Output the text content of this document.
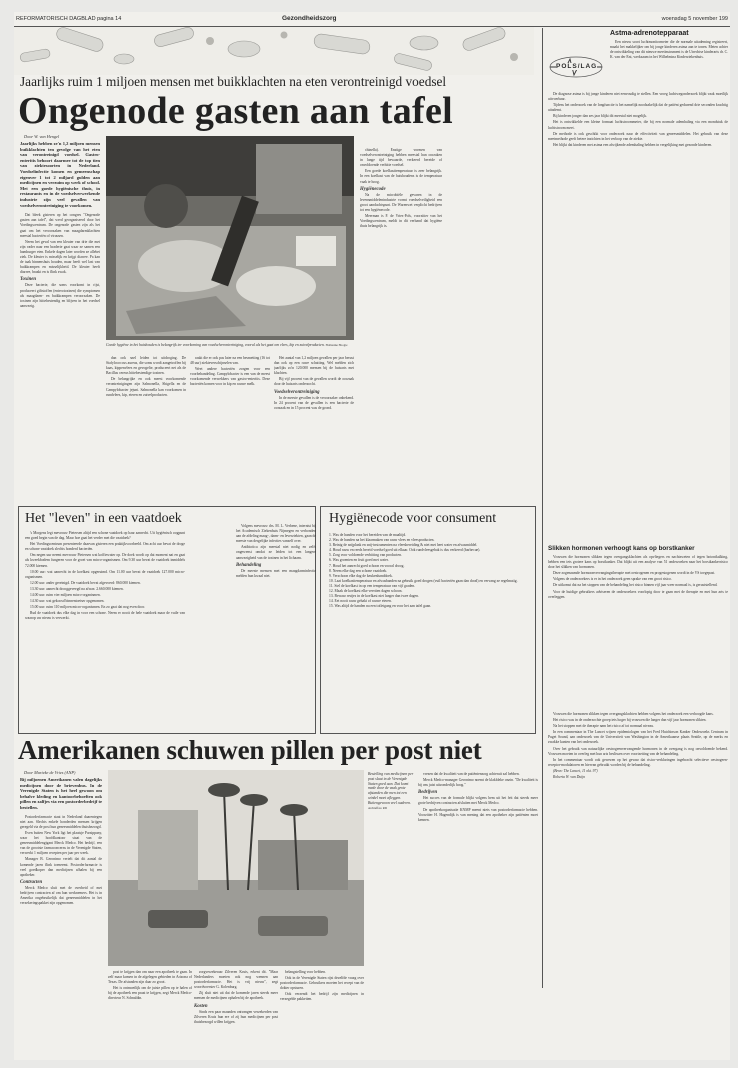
REFORMATORISCH DAGBLAD pagina 14	Gezondheidszorg	woensdag 5 november 199
Jaarlijks ruim 1 miljoen mensen met buikklachten na eten verontreinigd voedsel
Ongenode gasten aan tafel
Door W. van Hengel
Jaarlijks hebben ze'n 1,2 miljoen mensen buikklachten ten gevolge van het eten van verontreinigd voedsel. Gastro-enteritis behoort daarmee tot de top tien van ziektesoorten in Nederland. Voedselinfectie komen en gemeenschap eigenver 1 tot 2 miljard gulden aan medicijnen en verzuim op werk of school. Met een goede hygiënische thuis, in restaurants en in de voedselverwerkende industrie zijn veel gevallen van voedselverontreiniging te voorkomen.

Dat bleek gisteren op het congres "Ongenode gasten aan tafel", dat werd georganiseerd door het Voedingscentrum. De ongenode gasten zijn als het gaat om het veroorzaken van maagdarmklachten meestal bacteriën of virussen.

Neem het geval van een kleuter van drie die met zijn vader naar een braderie gaat waar ze samen een hamburger eten. Enkele dagen later worden ze allebei ziek. De kleuter is misselijk en krijgt diarree. Pa kan de taak binnenshuis houden, maar heeft wel last van buikkrampen en misselijkheid. De kleuter heeft diarree, braakt en is flink zwak.

Toxinen

Deze bacterie, die soms voorkomt in rijst, produceert giftstoffen (enterotoxinen) die symptomen als maagdarm- en buikkrampen veroorzaken. De toxinen zijn hittebestendig en blijven in het voedsel aanwezig.

Goede hygiëne in het huishouden is belangrijk ter voorkoming van voedselverontreiniging, vooral als het gaat om vlees, kip en zuivelproducten. Hollandse Hoogte

dan ook snel leiden tot uitdroging. De Stafylococcus aureus, die soms wordt aangetroffen bij kaas, kippenvlees en gevogelte, produceert net als de Bacillus cereus hittebestendige toxinen.

De belangrijke en ook meest voorkomende verontreinigingen zijn Salmonella, Shigella en de Campylobacter jejuni. Salmonella kan voorkomen in rundvlees, kip, eieren en zuivelproducten.

raakt die er ook pas later na een besmetting (16 tot 48 uur) ziekteverschijnselen van.

Weet andere bacteriën zorgen voor een voorbehandeling. Campylobacter is een van de meest voorkomende verwekkers van gastro-enteritis. Deze bacteriën komen voor in kip en rauwe melk.

Het aantal van 1,2 miljoen gevallen per jaar berust dan ook op een ruwe schatting. Wel melden zich jaarlijks zo'n 120.000 mensen bij de huisarts met klachten.

Bij vijf procent van de gevallen wordt de oorzaak door de huisarts onderzocht.

Voedselverontreiniging

In de meeste gevallen is de veroorzaker onbekend. In 24 procent van de gevallen is een bacterie de oorzaak en in 15 procent was de grond.

chinella). Enstige vormen van voedselverontreiniging hebben meestal hun oorzaken in lange tijd bewaarde, verkeerd bereide of onvoldoende verhitte voedsel.

Een goede koelkasttemperatuur is zeer belangrijk. In een koelkast van de huishoudens is de temperatuur vaak te hoog.

Hygiënecode

Na de microbiële gevaren in de levensmiddelenindustrie vormt voedselveiligheid een groot aandachtspunt. De Warenwet verplicht bedrijven tot een hygiënecode.

Meerman is F. de Vries-Pols, voorzitter van het Voedingscentrum, meldt in dit verband dat hygiëne thuis belangrijk is.

POLS/LAG
Astma-adrenotepparaat

Een nieuw soort luchtmonitormeter die de normale uitademing registreert, maakt het makkelijker om bij jonge kinderen astma aan te tonen. Meten achter de ontwikkeling van dit nieuwe meetinstrument is de Utrechtse kinderarts dr. C. K. van der Ent, werkzaam in het Wilhelmina Kinderziekenhuis.

De diagnose astma is bij jonge kinderen niet eenvoudig te stellen. Een vroeg luchtwegonderzoek blijkt vaak moeilijk uitvoerbaar.

Tijdens het onderzoek van de longfunctie is het namelijk noodzakelijk dat de patiënt gedurend drie seconden krachtig uitademt.

Bij kinderen jonger dan zes jaar blijkt dit meestal niet mogelijk.

Het is ontwikkelde een kleine formaat luchtstroommeter, die bij een normale ademhaling via een mondstuk de luchtstroom meet.

De methode is ook geschikt voor onderzoek naar de effectiviteit van geneesmiddelen. Het gebruik van deze meetmethode geeft betere inzichten in het verloop van de ziekte.

Het blijkt dat kinderen met astma een afwijkende ademhaling hebben in vergelijking met gezonde kinderen.

Slikken hormonen verhoogt kans op borstkanker

Vrouwen die hormonen slikken tegen overgangsklachten als opvliegers en nachtzweten of tegen botontkalking, hebben een iets grotere kans op borstkanker. Dat blijkt uit een analyse van 51 onderzoeken naar het borstkankerrisico door het slikken van hormonen.

Deze zogenaamde hormoonvervangingstherapie met oestrogenen en progestogenen wordt in de VS toegepast.

Volgens de onderzoekers is er in het onderzoek geen sprake van een groot risico.

De uitkomst dat na het stoppen van de behandeling het risico binnen vijf jaar weer normaal is, is geruststellend.

Voor de huidige gebruikers adviseren de onderzoekers voorlopig door te gaan met de therapie en met hun arts te overleggen.

Vrouwen die hormonen slikken tegen overgangsklachten hebben volgens het onderzoek een verhoogde kans.

Het risico was in de onderzochte groep iets hoger bij vrouwen die langer dan vijf jaar hormonen slikten.

Na het stoppen met de therapie nam het risico af tot normaal niveau.

In een commentaar in The Lancet wijzen epidemiologen van het Fred Hutchinson Kanker Onderzoeks Centrum in Puget Sound, aan onderzoek van de Universiteit van Washington in de Amerikaanse plaats Seattle, op de merks en zwakke kanten van het onderzoek.

Over het gebruik van natuurlijke oestrogeenvervangende hormonen in de overgang is nog onvoldoende bekend. Vrouwen moeten in overleg met hun arts beslissen over voortzetting van de behandeling.

In het commentaar wordt ook gewezen op het gevaar dat risico-verklaringen ingebracht selectieve oestrogeen-receptor-modulatoren en hiervan gebruikt worden bij de behandeling.

(Bron: The Lancet, 11 okt. 97)

Roberta W. van Duijn

Het "leven" in een vaatdoek

's Morgens legt mevrouw Pietersen altijd een schone vaatdoek op haar aanrecht. Uit hygiënisch oogpunt een goed begin van de dag. Maar hoe gaat het verder met die vaatdoek?

Het Voedingscentrum presenteerde daarvan gisteren een praktijkvoorbeeld. Om acht uur bevat de droge en schone vaatdoek slechts honderd bacteriën.

Om negen uur neemt mevrouw Pietersen wat koffiewater op. De doek wordt op dat moment nat en gaat als kweekbodem fungeren voor de groei van micro-organismen. Om 9.30 uur bevat de vaatdoek inmiddels 72.000 kiemen.

10.00 uur: wat aanrecht in de koelkast opgeruimd. Om 11.00 uur bevat de vaatdoek 127.000 micro-organismen.

12.00 uur: ander gereinigd. De vaatdoek bevat afgevoerd: 860.000 kiemen.

13.30 uur: aanrecht drooggeveegd na afwas: 2.660.000 kiemen.

14.00 uur: ruim vier miljoen micro-organismen.

14.30 uur: wat gekoosd binnentoetser opgenomen.

15.00 uur: ruim 110 miljoen micro-organismen. En zo gaat dat nog even door.

Rud de vaatdoek dus elke dag in voor een schone. Neem er nooit de hele vaatdoek maar de vuile van waarop uw nieuw is verwerkt.

Volgens mevrouw drs. M. L. Verbene, internist bij het Academisch Ziekenhuis Nijmegen en verbonden aan de afdeling maag-, darm- en leverziekten, gaan de meeste van dergelijke infecties vanzelf over.

Antibiotica zijn meestal niet nodig en zelfs ongewenst omdat ze leiden tot een langere aanwezigheid van de toxinen in het lichaam.

Behandeling

De meeste mensen met een maagdarminfectie melden hun kwaal niet.

Hygiënecode voor consument
1. Was de handen voor het bereiden van de maaltijd.
2. Was de handen na het klaarmaken van rauw vlees en vleesproducten.
3. Reinig de snijplank en snij-instrumenten na vleesbereiding & niet met heet water en afwasmiddel.
4. Houd rauw en reeds bereid voedsel goed uit elkaar. Ook rundvleesgebak is dus verkeerd (barbecue).
5. Zorg voor voldoende verhitting van producten.
6. Was groenten en fruit goed met water.
7. Houd het aanrecht goed schoon en vooral droog.
8. Neem elke dag een schone vaatdoek.
9. Verschoon elke dag de keukenhanddoek.
10. Laat koelkasttemperatuur en afwasbanden na gebruik goed drogen (vuil bacteriën gaan dan dood) en vervang ze regelmatig.
11. Stel de koelkast in op een temperatuur van vijf graden.
12. Maak de koelkast elke veertien dagen schoon.
13. Bewaar restjes in de koelkast niet langer dan twee dagen.
14. Eet nooit rauw gehakt of rauwe eieren.
15. Was altijd de handen na een toiletgang en voor het aan tafel gaan.
Amerikanen schuwen pillen per post niet
Door Marieke de Vries (ANP)
Bij miljoenen Amerikanen valen dagelijks medicijnen door de brievenbus. In de Verenigde Staten is het heel gewoon om behalve kleding en kantoorbehoeften ook pillen en zalfjes via een postorderbedrijf te bestellen.

Postorderfarmacie staat in Nederland daarentegen niet aan. Slechts enkele honderden mensen krijgen geregeld via de post hun geneesmiddelen thuisbezorgd.

Even buiten New York ligt het plaatsje Parsippany, waar het hoofdkantoor staat van de geneesmiddelengigant Merck Medco. Het bedrijf, een van de grootste farmaconcerns in de Verenigde Staten, verwerkt 1 miljoen recepten per jaar per week.

Manager B. Geronimo vertelt dat dit aantal de komende jaren flink toeneemt. Postorderfarmacie is veel goedkoper dan medicijnen afhalen bij een apotheker.

Contracten

Merck Medco sluit met de overheid of met bedrijven contracten af om hun werknemers. Het is in Amerika ongebruikelijk dat geneesmiddelen in het verzekeringspakket zijn opgenomen.

Bestelling van medicijnen per post slaat in de Verenigde Staten goed aan. Dat komt mede door de vaak grote afstanden die men tot een winkel moet afleggen. Buitengewoon veel ouderen. Archieffoto RD

post te krijgen dan om naar een apotheek te gaan. In zelf maar komen in de afgelegen gebieden in Arizona of Texas. De afstanden zijn daar zo groot.

Het is ontmoeilijk om de juiste pillen op te halen of bij de apotheek een praat te krijgen, zegt Merck Medco-directeur N. Schnaldin.

zorgverzekeraar Zilveren Kruis, erkent dit. "Maar Nederlanders moeten ook nog wennen aan postorderfarmacie. Het is vrij nieuw", zegt woordvoerster G. Kolenburg.

Zij sluit niet uit dat de komende jaren steeds meer mensen de medicijnen ophalen bij de apotheek.

Kosten

Sinds een paar maanden ontvangen verzekerden van Zilveren Kruis hun ere of zij hun medicijnen per post thuisbezorgd willen krijgen.

belangstelling voor hebben.

Ook in de Verenigde Staten rijst dezelfde vraag over postorderfarmacie. Gebruikers moeten het recept van de dokter opsturen.

Ook verzendt het bedrijf zijn medicijnen in verzegelde pakketten.

vrezen dat de kwaliteit van de patiëntenzorg achteruit zal hebben.

Merck Medco-manager Geronimo noemt de klakbleke onzin. "De kwaliteit is bij ons juist uitzonderlijk hoog."

Bedrijven

Het succes van de formule blijkt volgens hem uit het feit dat steeds meer grote bedrijven contracten afsluiten met Merck Medco.

De apotheekorganisatie KNMP meent niets van postorderfarmacie hebben. Voorzitter H. Hagendijk is van mening dat een apotheker zijn patiënten moet kennen.
